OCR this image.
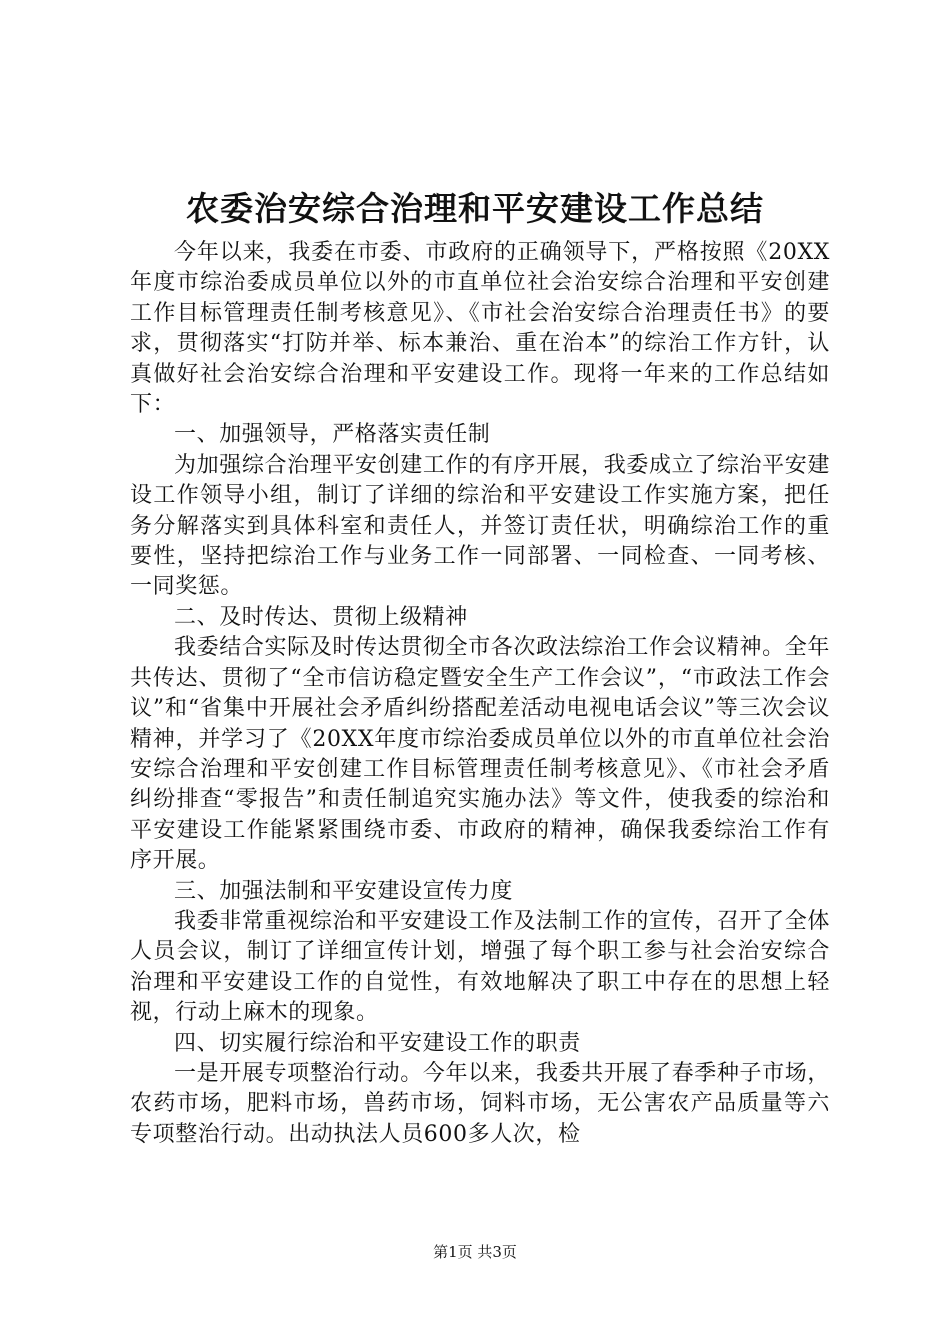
农委治安综合治理和平安建设工作总结

今年以来，我委在市委、市政府的正确领导下，严格按照《20XX年度市综治委成员单位以外的市直单位社会治安综合治理和平安创建工作目标管理责任制考核意见》、《市社会治安综合治理责任书》的要求，贯彻落实“打防并举、标本兼治、重在治本”的综治工作方针，认真做好社会治安综合治理和平安建设工作。现将一年来的工作总结如下：

一、加强领导，严格落实责任制

为加强综合治理平安创建工作的有序开展，我委成立了综治平安建设工作领导小组，制订了详细的综治和平安建设工作实施方案，把任务分解落实到具体科室和责任人，并签订责任状，明确综治工作的重要性，坚持把综治工作与业务工作一同部署、一同检查、一同考核、一同奖惩。

二、及时传达、贯彻上级精神

我委结合实际及时传达贯彻全市各次政法综治工作会议精神。全年共传达、贯彻了“全市信访稳定暨安全生产工作会议”，“市政法工作会议”和“省集中开展社会矛盾纠纷搭配差活动电视电话会议”等三次会议精神，并学习了《20XX年度市综治委成员单位以外的市直单位社会治安综合治理和平安创建工作目标管理责任制考核意见》、《市社会矛盾纠纷排查“零报告”和责任制追究实施办法》等文件，使我委的综治和平安建设工作能紧紧围绕市委、市政府的精神，确保我委综治工作有序开展。

三、加强法制和平安建设宣传力度

我委非常重视综治和平安建设工作及法制工作的宣传，召开了全体人员会议，制订了详细宣传计划，增强了每个职工参与社会治安综合治理和平安建设工作的自觉性，有效地解决了职工中存在的思想上轻视，行动上麻木的现象。

四、切实履行综治和平安建设工作的职责

一是开展专项整治行动。今年以来，我委共开展了春季种子市场，农药市场，肥料市场，兽药市场，饲料市场，无公害农产品质量等六专项整治行动。出动执法人员600多人次，检

第1页 共3页
